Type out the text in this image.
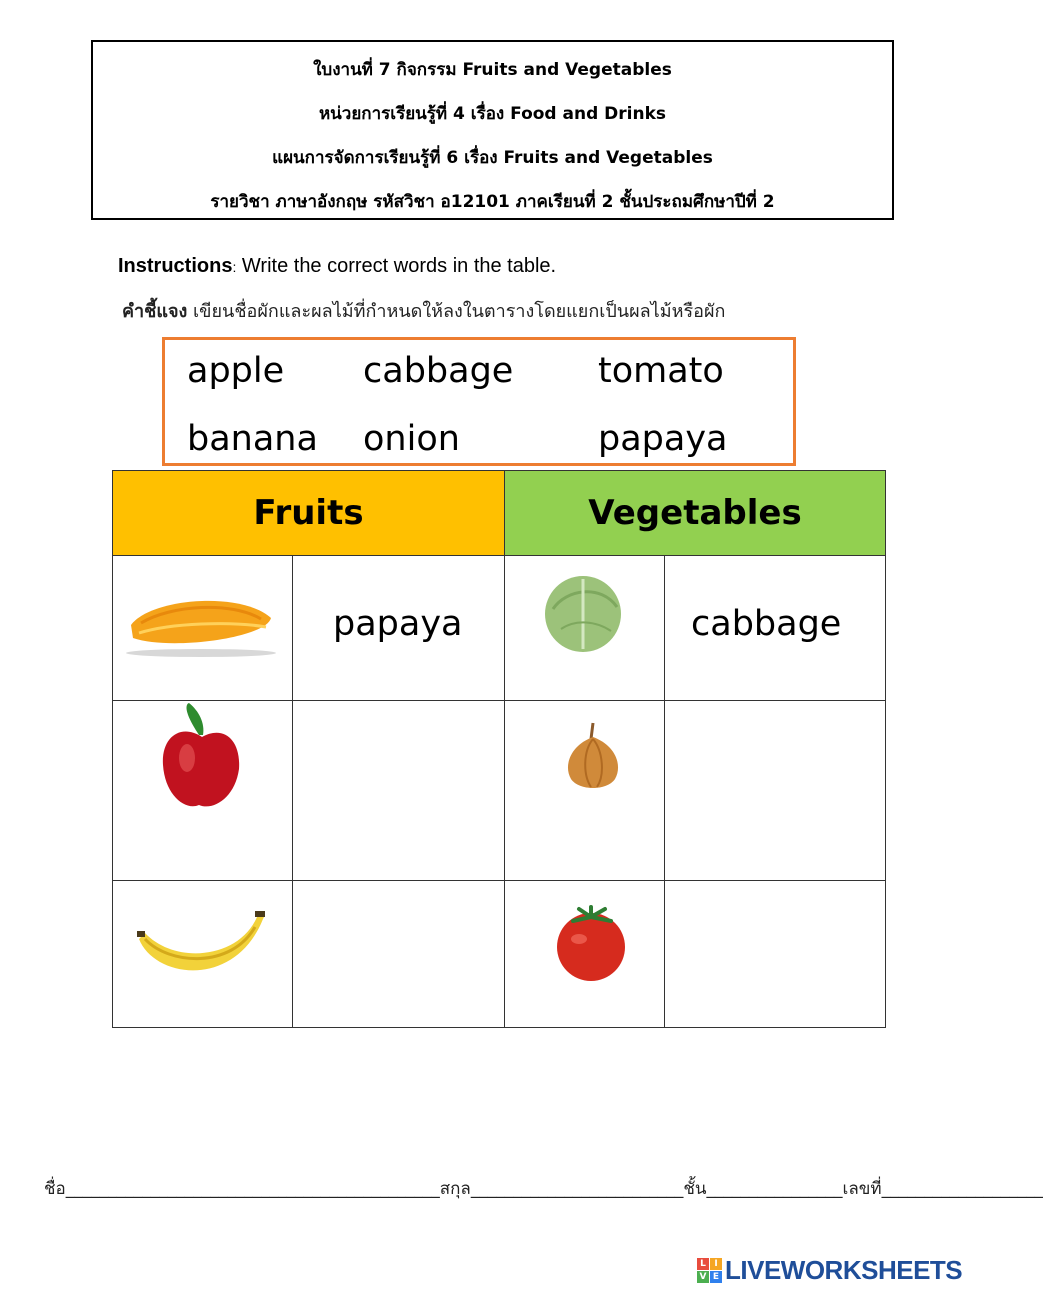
ใบงานที่ 7 กิจกรรม Fruits and Vegetables
หน่วยการเรียนรู้ที่ 4 เรื่อง Food and Drinks
แผนการจัดการเรียนรู้ที่ 6 เรื่อง Fruits and Vegetables
รายวิชา ภาษาอังกฤษ รหัสวิชา อ12101 ภาคเรียนที่ 2 ชั้นประถมศึกษาปีที่ 2
Instructions: Write the correct words in the table.
คำชี้แจง เขียนชื่อผักและผลไม้ที่กำหนดให้ลงในตารางโดยแยกเป็นผลไม้หรือผัก
apple cabbage tomato
banana onion	papaya
Fruits	Vegetables
papaya	cabbage
ชื่อ____________________________________________สกุล_________________________ชั้น________________เลขที่___________________
L I
V E LIVEWORKSHEETS
